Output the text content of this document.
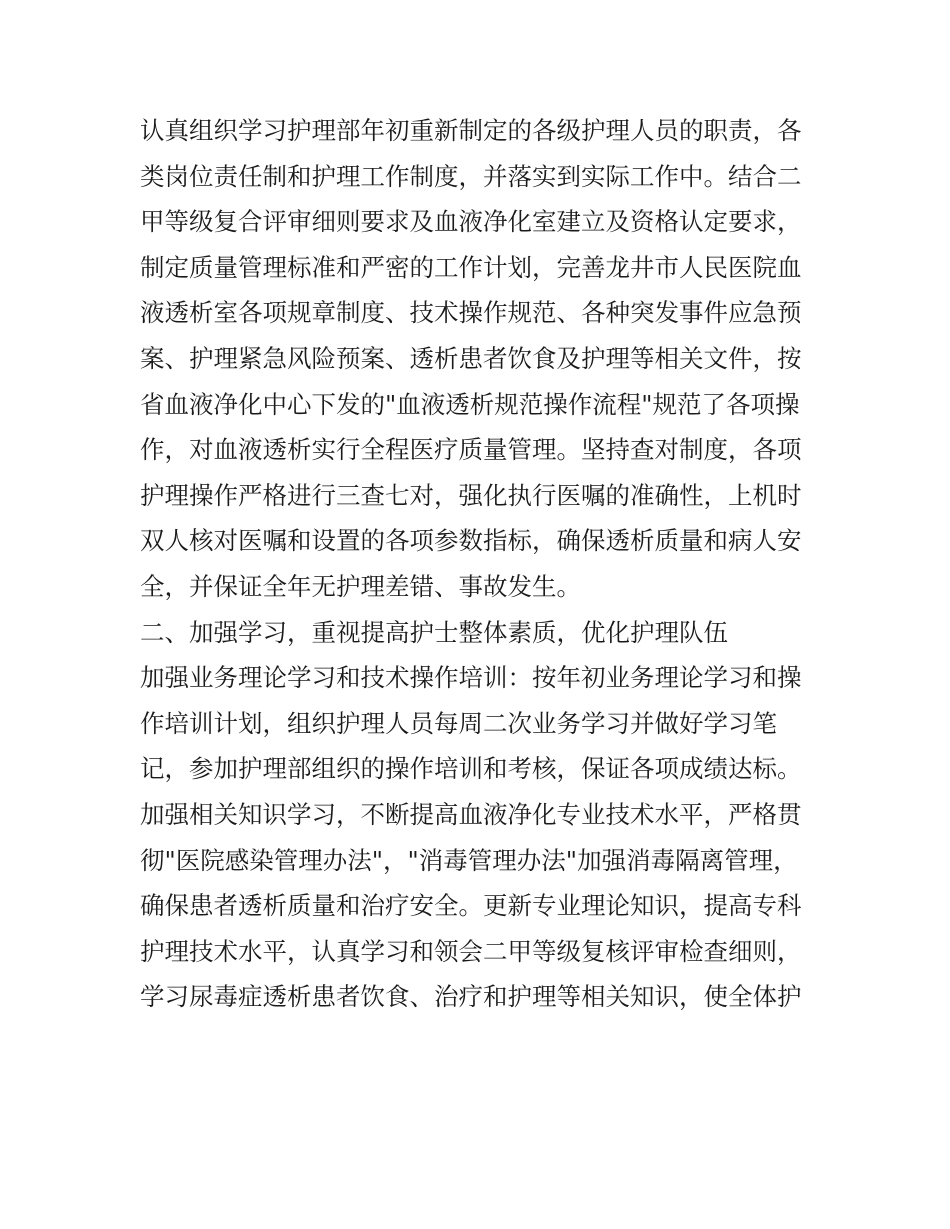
认真组织学习护理部年初重新制定的各级护理人员的职责，各
类岗位责任制和护理工作制度，并落实到实际工作中。结合二
甲等级复合评审细则要求及血液净化室建立及资格认定要求，
制定质量管理标准和严密的工作计划，完善龙井市人民医院血
液透析室各项规章制度、技术操作规范、各种突发事件应急预
案、护理紧急风险预案、透析患者饮食及护理等相关文件，按
省血液净化中心下发的"血液透析规范操作流程"规范了各项操
作，对血液透析实行全程医疗质量管理。坚持查对制度，各项
护理操作严格进行三查七对，强化执行医嘱的准确性，上机时
双人核对医嘱和设置的各项参数指标，确保透析质量和病人安
全，并保证全年无护理差错、事故发生。
二、加强学习，重视提高护士整体素质，优化护理队伍
加强业务理论学习和技术操作培训：按年初业务理论学习和操
作培训计划，组织护理人员每周二次业务学习并做好学习笔
记，参加护理部组织的操作培训和考核，保证各项成绩达标。
加强相关知识学习，不断提高血液净化专业技术水平，严格贯
彻"医院感染管理办法"，"消毒管理办法"加强消毒隔离管理，
确保患者透析质量和治疗安全。更新专业理论知识，提高专科
护理技术水平，认真学习和领会二甲等级复核评审检查细则，
学习尿毒症透析患者饮食、治疗和护理等相关知识，使全体护
